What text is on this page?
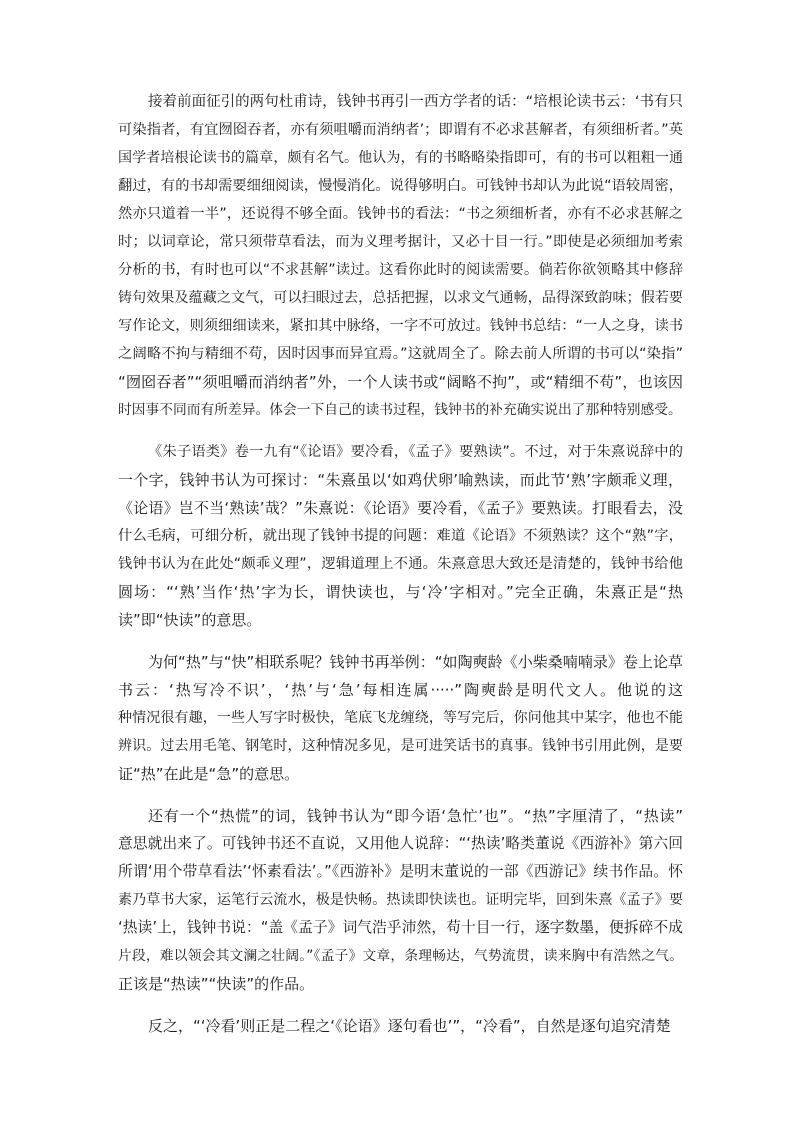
接着前面征引的两句杜甫诗，钱钟书再引一西方学者的话：“培根论读书云：‘书有只
可染指者，有宜囫囵吞者，亦有须咀嚼而消纳者’；即谓有不必求甚解者，有须细析者。”英
国学者培根论读书的篇章，颇有名气。他认为，有的书略略染指即可，有的书可以粗粗一通
翻过，有的书却需要细细阅读，慢慢消化。说得够明白。可钱钟书却认为此说“语较周密，
然亦只道着一半”，还说得不够全面。钱钟书的看法：“书之须细析者，亦有不必求甚解之
时；以词章论，常只须带草看法，而为义理考据计，又必十目一行。”即使是必须细加考索
分析的书，有时也可以“不求甚解”读过。这看你此时的阅读需要。倘若你欲领略其中修辞
铸句效果及蕴藏之文气，可以扫眼过去，总括把握，以求文气通畅，品得深致韵味；假若要
写作论文，则须细细读来，紧扣其中脉络，一字不可放过。钱钟书总结：“一人之身，读书
之阔略不拘与精细不苟，因时因事而异宜焉。”这就周全了。除去前人所谓的书可以“染指”
“囫囵吞者”“须咀嚼而消纳者”外，一个人读书或“阔略不拘”，或“精细不苟”，也该因
时因事不同而有所差异。体会一下自己的读书过程，钱钟书的补充确实说出了那种特别感受。

《朱子语类》卷一九有“《论语》要冷看，《孟子》要熟读”。不过，对于朱熹说辞中的
一个字，钱钟书认为可探讨：“朱熹虽以‘如鸡伏卵’喻熟读，而此节‘熟’字颇乖义理，
《论语》岂不当‘熟读’哉？”朱熹说：《论语》要冷看，《孟子》要熟读。打眼看去，没
什么毛病，可细分析，就出现了钱钟书提的问题：难道《论语》不须熟读？这个“熟”字，
钱钟书认为在此处“颇乖义理”，逻辑道理上不通。朱熹意思大致还是清楚的，钱钟书给他
圆场：“‘熟’当作‘热’字为长，谓快读也，与‘冷’字相对。”完全正确，朱熹正是“热
读”即“快读”的意思。

为何“热”与“快”相联系呢？钱钟书再举例：“如陶奭龄《小柴桑喃喃录》卷上论草
书云：‘热写冷不识’，‘热’与‘急’每相连属·····”陶奭龄是明代文人。他说的这
种情况很有趣，一些人写字时极快，笔底飞龙缠绕，等写完后，你问他其中某字，他也不能
辨识。过去用毛笔、钢笔时，这种情况多见，是可进笑话书的真事。钱钟书引用此例，是要
证“热”在此是“急”的意思。

还有一个“热慌”的词，钱钟书认为“即今语‘急忙’也”。“热”字厘清了，“热读”
意思就出来了。可钱钟书还不直说，又用他人说辞：“‘热读’略类董说《西游补》第六回
所谓‘用个带草看法’‘怀素看法’。”《西游补》是明末董说的一部《西游记》续书作品。怀
素乃草书大家，运笔行云流水，极是快畅。热读即快读也。证明完毕，回到朱熹《孟子》要
‘热读’上，钱钟书说：“盖《孟子》词气浩乎沛然，苟十目一行，逐字数墨，便拆碎不成
片段，难以领会其文澜之壮阔。”《孟子》文章，条理畅达，气势流贯，读来胸中有浩然之气。
正该是“热读”“快读”的作品。

反之，“‘冷看’则正是二程之‘《论语》逐句看也’”，“冷看”，自然是逐句追究清楚
